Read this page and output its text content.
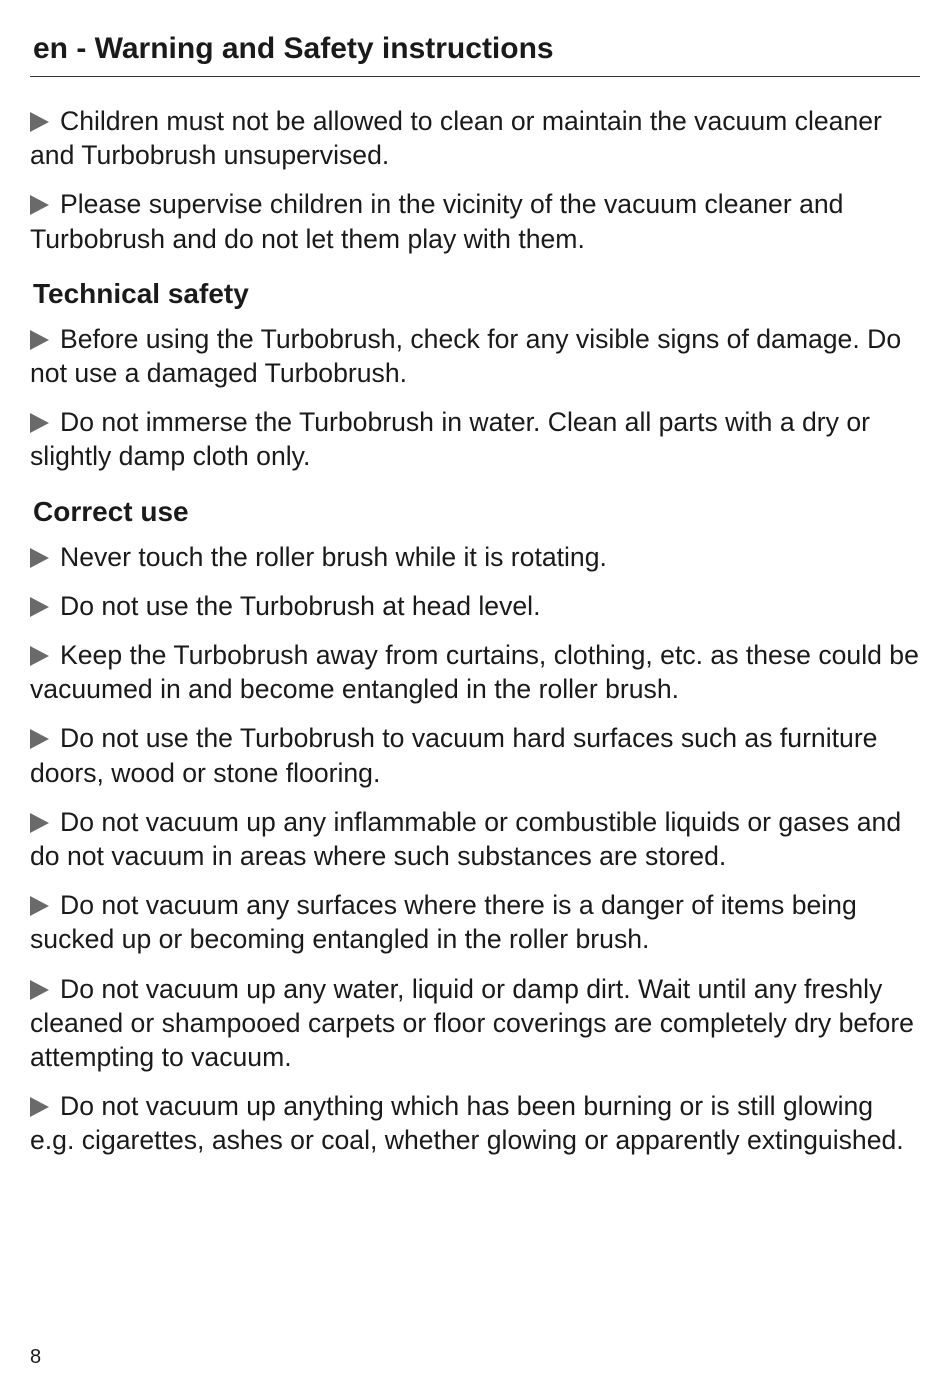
en - Warning and Safety instructions

Children must not be allowed to clean or maintain the vacuum cleaner and Turbobrush unsupervised.

Please supervise children in the vicinity of the vacuum cleaner and Turbobrush and do not let them play with them.

Technical safety

Before using the Turbobrush, check for any visible signs of damage. Do not use a damaged Turbobrush.

Do not immerse the Turbobrush in water. Clean all parts with a dry or slightly damp cloth only.

Correct use

Never touch the roller brush while it is rotating.

Do not use the Turbobrush at head level.

Keep the Turbobrush away from curtains, clothing, etc. as these could be vacuumed in and become entangled in the roller brush.

Do not use the Turbobrush to vacuum hard surfaces such as furniture doors, wood or stone flooring.

Do not vacuum up any inflammable or combustible liquids or gases and do not vacuum in areas where such substances are stored.

Do not vacuum any surfaces where there is a danger of items being sucked up or becoming entangled in the roller brush.

Do not vacuum up any water, liquid or damp dirt. Wait until any freshly cleaned or shampooed carpets or floor coverings are completely dry before attempting to vacuum.

Do not vacuum up anything which has been burning or is still glowing e.g. cigarettes, ashes or coal, whether glowing or apparently extinguished.

8
